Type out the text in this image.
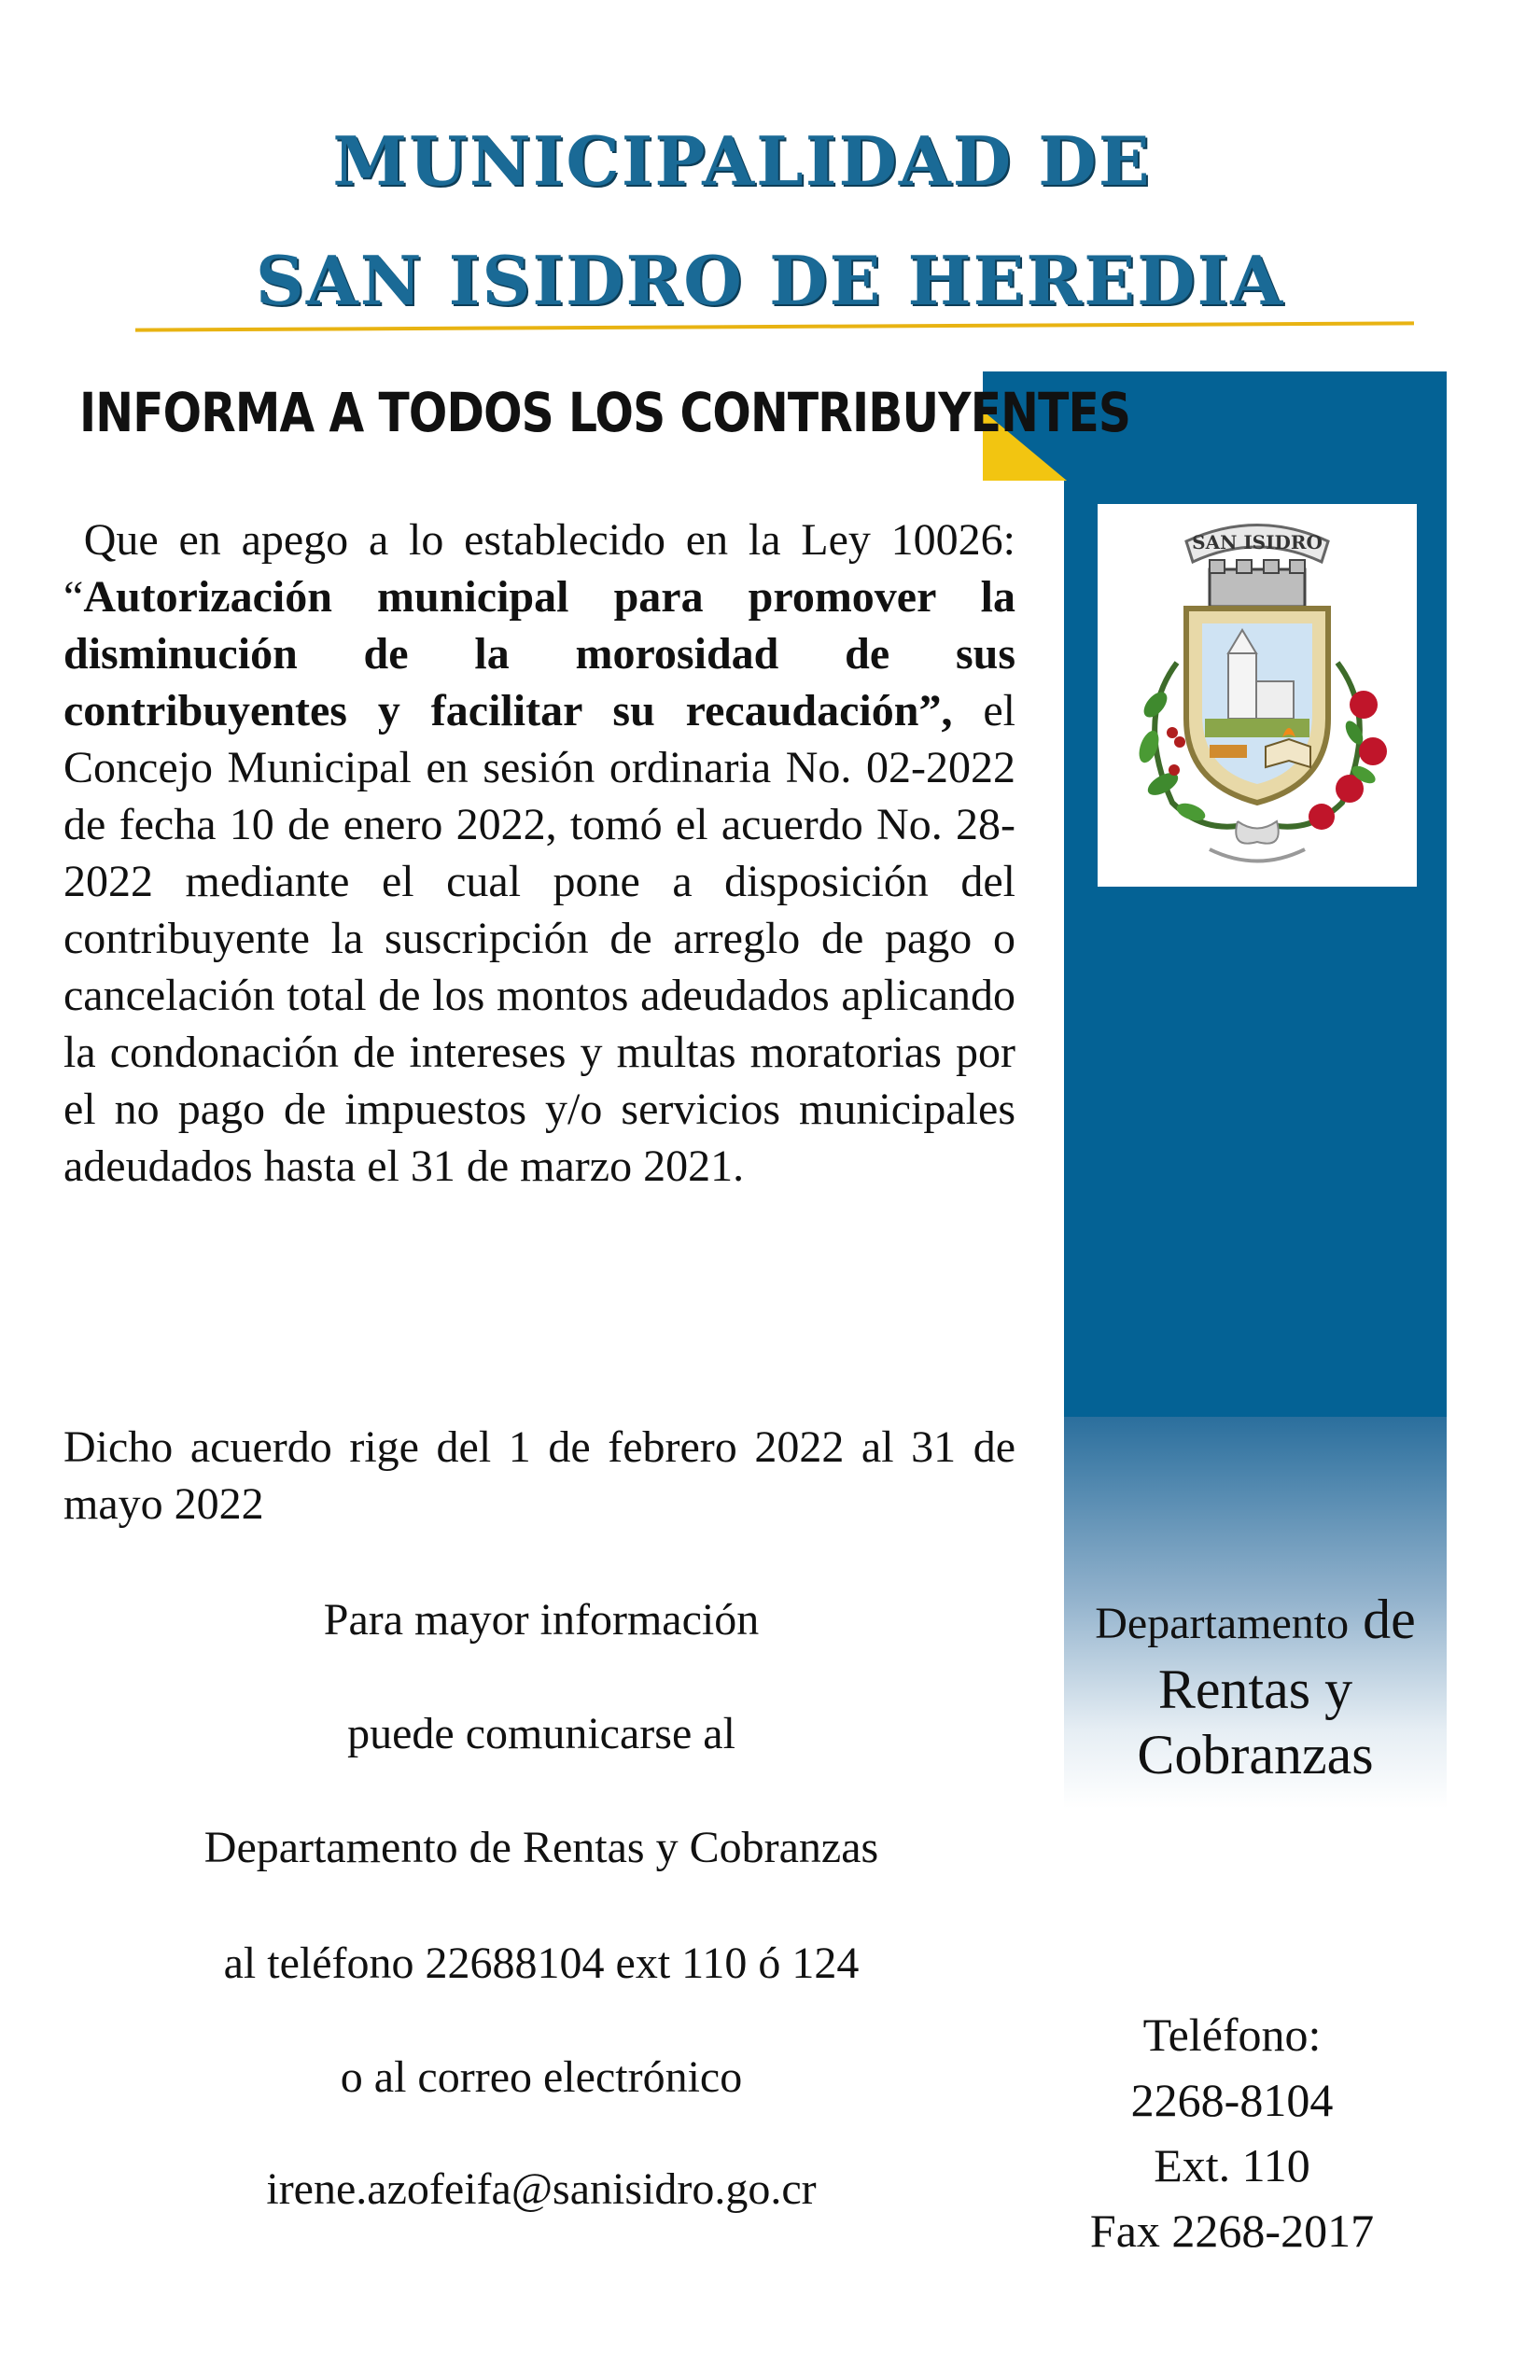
MUNICIPALIDAD DE
SAN ISIDRO DE HEREDIA
INFORMA A TODOS LOS CONTRIBUYENTES
Que en apego a lo establecido en la Ley 10026: “Autorización municipal para promover la disminución de la morosidad de sus contribuyentes y facilitar su recaudación”, el Concejo Municipal en sesión ordinaria No. 02-2022 de fecha 10 de enero 2022, tomó el acuerdo No. 28-2022 mediante el cual pone a disposición del contribuyente la suscripción de arreglo de pago o cancelación total de los montos adeudados aplicando la condonación de intereses y multas moratorias por el no pago de impuestos y/o servicios municipales adeudados hasta el 31 de marzo 2021.
Dicho acuerdo rige del 1 de febrero 2022 al 31 de mayo 2022
Para mayor información
puede comunicarse al
Departamento de Rentas y Cobranzas
al teléfono 22688104 ext 110 ó 124
o al correo electrónico
irene.azofeifa@sanisidro.go.cr
SAN ISIDRO
Departamento de
Rentas y
Cobranzas
Teléfono:
2268-8104
Ext. 110
Fax 2268-2017
